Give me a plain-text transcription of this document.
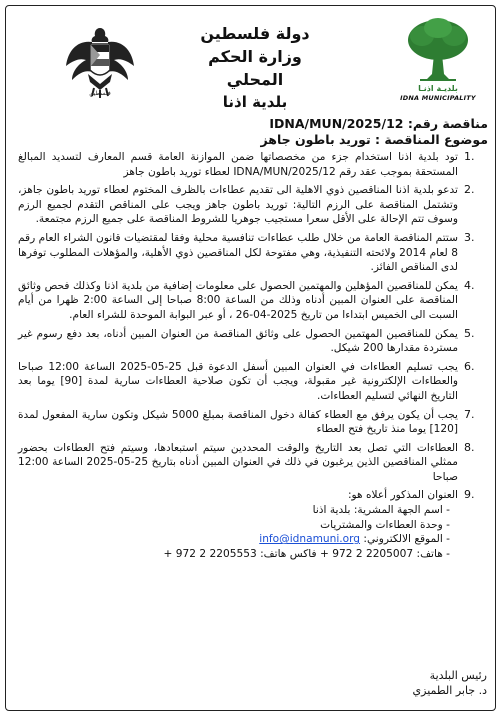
فلسطين
دولة فلسطين
وزارة الحكم المحلي
بلدية اذنا
بلديـة اذنـا
IDNA MUNICIPALITY

مناقصة رقم: IDNA/MUN/2025/12

موضوع المناقصة : توريد باطون جاهز

1.
تود بلدية اذنا استخدام جزء من مخصصاتها ضمن الموازنة العامة قسم المعارف لتسديد المبالغ المستحقة بموجب عقد رقم IDNA/MUN/2025/12 لعطاء توريد باطون جاهز
2.
تدعو بلدية اذنا المناقصين ذوي الاهلية الى تقديم عطاءات بالظرف المختوم لعطاء توريد باطون جاهز، وتشتمل المناقصة على الرزم التالية: توريد باطون جاهز ويجب على المناقص التقدم لجميع الرزم وسوف تتم الإحالة على الأقل سعرا مستجيب جوهريا للشروط المناقصة على جميع الرزم مجتمعة.
3.
ستتم المناقصة العامة من خلال طلب عطاءات تنافسية محلية وفقا لمقتضيات قانون الشراء العام رقم 8 لعام 2014 ولائحته التنفيذية، وهي مفتوحة لكل المناقصين ذوي الأهلية، والمؤهلات المطلوب توفرها لدى المناقص الفائز.
4.
يمكن للمناقصين المؤهلين والمهتمين الحصول على معلومات إضافية من بلدية اذنا وكذلك فحص وثائق المناقصة على العنوان المبين أدناه وذلك من الساعة 8:00 صباحا إلى الساعة 2:00 ظهرا من أيام السبت الى الخميس ابتداءا من تاريخ 2025-04-26 ، أو عبر البوابة الموحدة للشراء العام.
5.
يمكن للمناقصين المهتمين الحصول على وثائق المناقصة من العنوان المبين أدناه، بعد دفع رسوم غير مستردة مقدارها 200 شيكل.
6.
يجب تسليم العطاءات في العنوان المبين أسفل الدعوة قبل 25-05-2025 الساعة 12:00 صباحا والعطاءات الإلكترونية غير مقبولة، ويجب أن تكون صلاحية العطاءات سارية لمدة [90] يوما بعد التاريخ النهائي لتسليم العطاءات.
7.
يجب أن يكون يرفق مع العطاء كفالة دخول المناقصة بمبلغ 5000 شيكل وتكون سارية المفعول لمدة [120] يوما منذ تاريخ فتح العطاء
8.
العطاءات التي تصل بعد التاريخ والوقت المحددين سيتم استبعادها، وسيتم فتح العطاءات بحضور ممثلي المناقصين الذين يرغبون في ذلك في العنوان المبين أدناه بتاريخ 25-05-2025 الساعة 12:00 صباحا
9.
العنوان المذكور أعلاه هو:
- اسم الجهة المشرية: بلدية اذنا
- وحدة العطاءات والمشتريات
- الموقع الالكتروني: info@idnamuni.org
- هاتف: 2205007 2 972 + فاكس هاتف: 2205553 2 972 +
رئيس البلدية
د. جابر الطميزي
